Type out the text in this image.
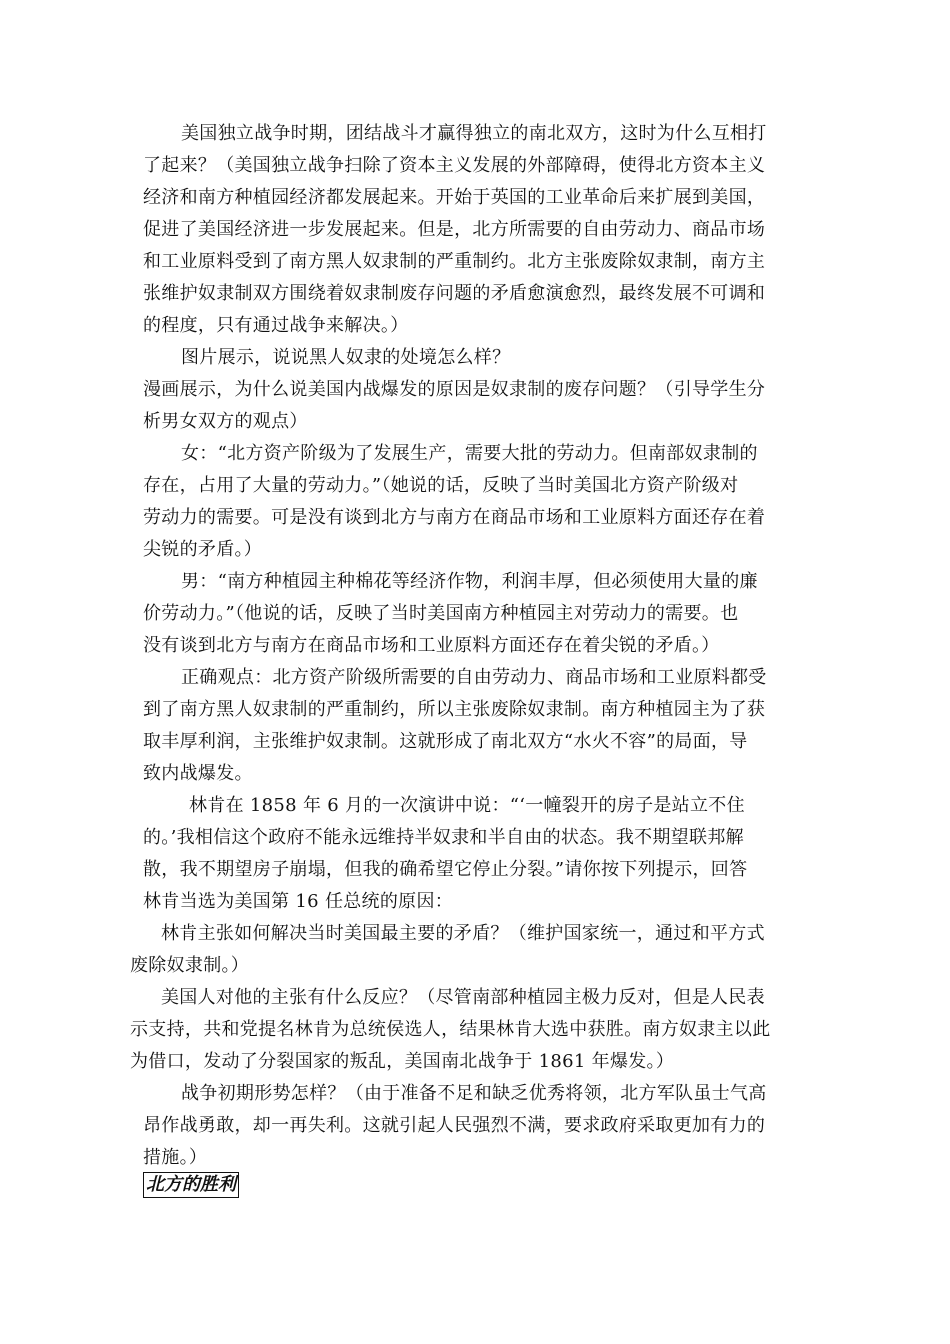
美国独立战争时期，团结战斗才赢得独立的南北双方，这时为什么互相打
了起来？（美国独立战争扫除了资本主义发展的外部障碍，使得北方资本主义
经济和南方种植园经济都发展起来。开始于英国的工业革命后来扩展到美国，
促进了美国经济进一步发展起来。但是，北方所需要的自由劳动力、商品市场
和工业原料受到了南方黑人奴隶制的严重制约。北方主张废除奴隶制，南方主
张维护奴隶制双方围绕着奴隶制废存问题的矛盾愈演愈烈，最终发展不可调和
的程度，只有通过战争来解决。）
图片展示，说说黑人奴隶的处境怎么样？
漫画展示，为什么说美国内战爆发的原因是奴隶制的废存问题？（引导学生分
析男女双方的观点）
女：“北方资产阶级为了发展生产，需要大批的劳动力。但南部奴隶制的
存在，占用了大量的劳动力。”（她说的话，反映了当时美国北方资产阶级对
劳动力的需要。可是没有谈到北方与南方在商品市场和工业原料方面还存在着
尖锐的矛盾。）
男：“南方种植园主种棉花等经济作物，利润丰厚，但必须使用大量的廉
价劳动力。”（他说的话，反映了当时美国南方种植园主对劳动力的需要。也
没有谈到北方与南方在商品市场和工业原料方面还存在着尖锐的矛盾。）
正确观点：北方资产阶级所需要的自由劳动力、商品市场和工业原料都受
到了南方黑人奴隶制的严重制约，所以主张废除奴隶制。南方种植园主为了获
取丰厚利润，主张维护奴隶制。这就形成了南北双方“水火不容”的局面，导
致内战爆发。
林肯在 1858 年 6 月的一次演讲中说：“‘一幢裂开的房子是站立不住
的。’我相信这个政府不能永远维持半奴隶和半自由的状态。我不期望联邦解
散，我不期望房子崩塌，但我的确希望它停止分裂。”请你按下列提示，回答
林肯当选为美国第 16 任总统的原因：
林肯主张如何解决当时美国最主要的矛盾？（维护国家统一，通过和平方式
废除奴隶制。）
美国人对他的主张有什么反应？（尽管南部种植园主极力反对，但是人民表
示支持，共和党提名林肯为总统侯选人，结果林肯大选中获胜。南方奴隶主以此
为借口，发动了分裂国家的叛乱，美国南北战争于 1861 年爆发。）
战争初期形势怎样？（由于准备不足和缺乏优秀将领，北方军队虽士气高
昂作战勇敢，却一再失利。这就引起人民强烈不满，要求政府采取更加有力的
措施。）
北方的胜利
